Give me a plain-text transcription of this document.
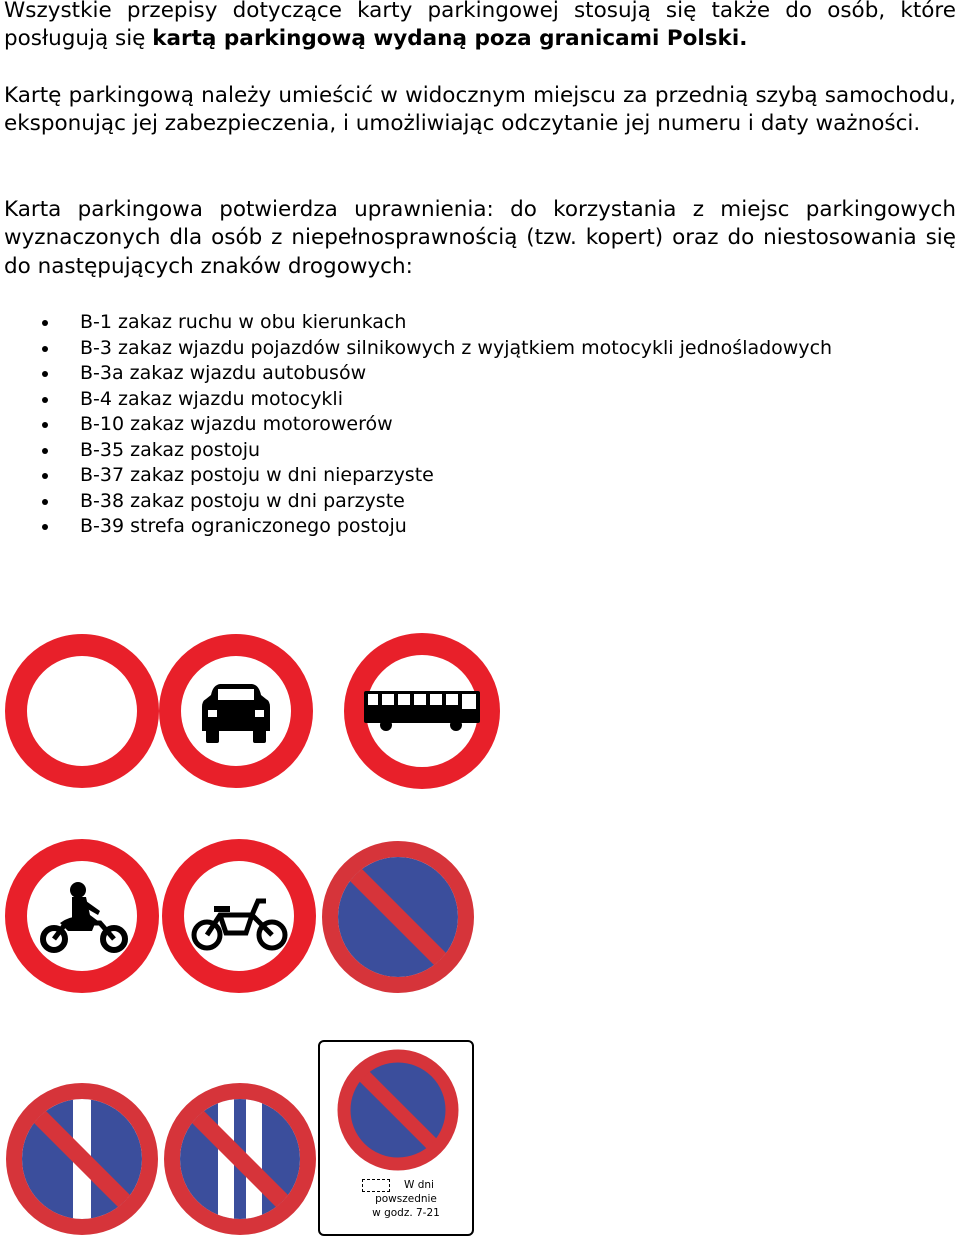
Wszystkie przepisy dotyczące karty parkingowej stosują się także do osób, które posługują się kartą parkingową wydaną poza granicami Polski.

Kartę parkingową należy umieścić w widocznym miejscu za przednią szybą samochodu, eksponując jej zabezpieczenia, i umożliwiając odczytanie jej numeru i daty ważności.

Karta parkingowa potwierdza uprawnienia: do korzystania z miejsc parkingowych wyznaczonych dla osób z niepełnosprawnością (tzw. kopert) oraz do niestosowania się do następujących znaków drogowych:

B-1 zakaz ruchu w obu kierunkach
B-3 zakaz wjazdu pojazdów silnikowych z wyjątkiem motocykli jednośladowych
B-3a zakaz wjazdu autobusów
B-4 zakaz wjazdu motocykli
B-10 zakaz wjazdu motorowerów
B-35 zakaz postoju
B-37 zakaz postoju w dni nieparzyste
B-38 zakaz postoju w dni parzyste
B-39 strefa ograniczonego postoju
W dni
powszednie
w godz. 7-21
